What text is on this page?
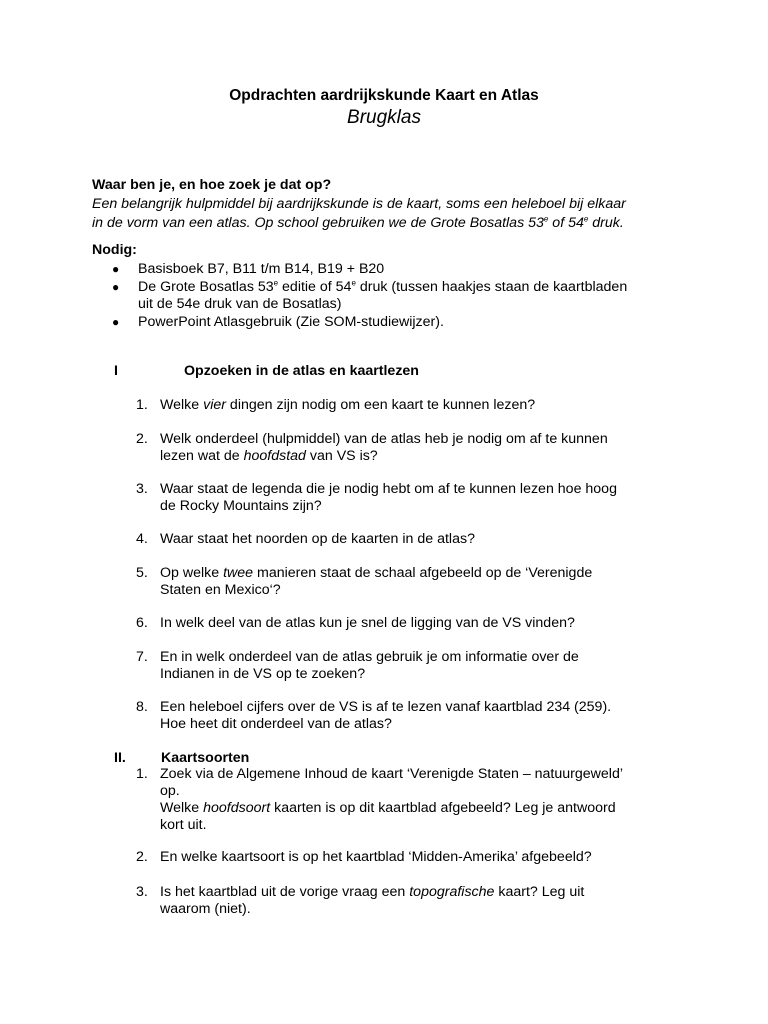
Opdrachten aardrijkskunde Kaart en Atlas
Brugklas
Waar ben je, en hoe zoek je dat op?
Een belangrijk hulpmiddel bij aardrijkskunde is de kaart, soms een heleboel bij elkaar
in de vorm van een atlas. Op school gebruiken we de Grote Bosatlas 53e of 54e druk.
Nodig:
● Basisboek B7, B11 t/m B14, B19 + B20
● De Grote Bosatlas 53e editie of 54e druk (tussen haakjes staan de kaartbladen
uit de 54e druk van de Bosatlas)
● PowerPoint Atlasgebruik (Zie SOM-studiewijzer).
I	Opzoeken in de atlas en kaartlezen
1. Welke vier dingen zijn nodig om een kaart te kunnen lezen?
2. Welk onderdeel (hulpmiddel) van de atlas heb je nodig om af te kunnen
lezen wat de hoofdstad van VS is?
3. Waar staat de legenda die je nodig hebt om af te kunnen lezen hoe hoog
de Rocky Mountains zijn?
4. Waar staat het noorden op de kaarten in de atlas?
5. Op welke twee manieren staat de schaal afgebeeld op de ‘Verenigde
Staten en Mexico‘?
6. In welk deel van de atlas kun je snel de ligging van de VS vinden?
7. En in welk onderdeel van de atlas gebruik je om informatie over de
Indianen in de VS op te zoeken?
8. Een heleboel cijfers over de VS is af te lezen vanaf kaartblad 234 (259).
Hoe heet dit onderdeel van de atlas?
II. Kaartsoorten
1. Zoek via de Algemene Inhoud de kaart ‘Verenigde Staten – natuurgeweld’
op.
Welke hoofdsoort kaarten is op dit kaartblad afgebeeld? Leg je antwoord
kort uit.
2. En welke kaartsoort is op het kaartblad ‘Midden-Amerika’ afgebeeld?
3. Is het kaartblad uit de vorige vraag een topografische kaart? Leg uit
waarom (niet).
